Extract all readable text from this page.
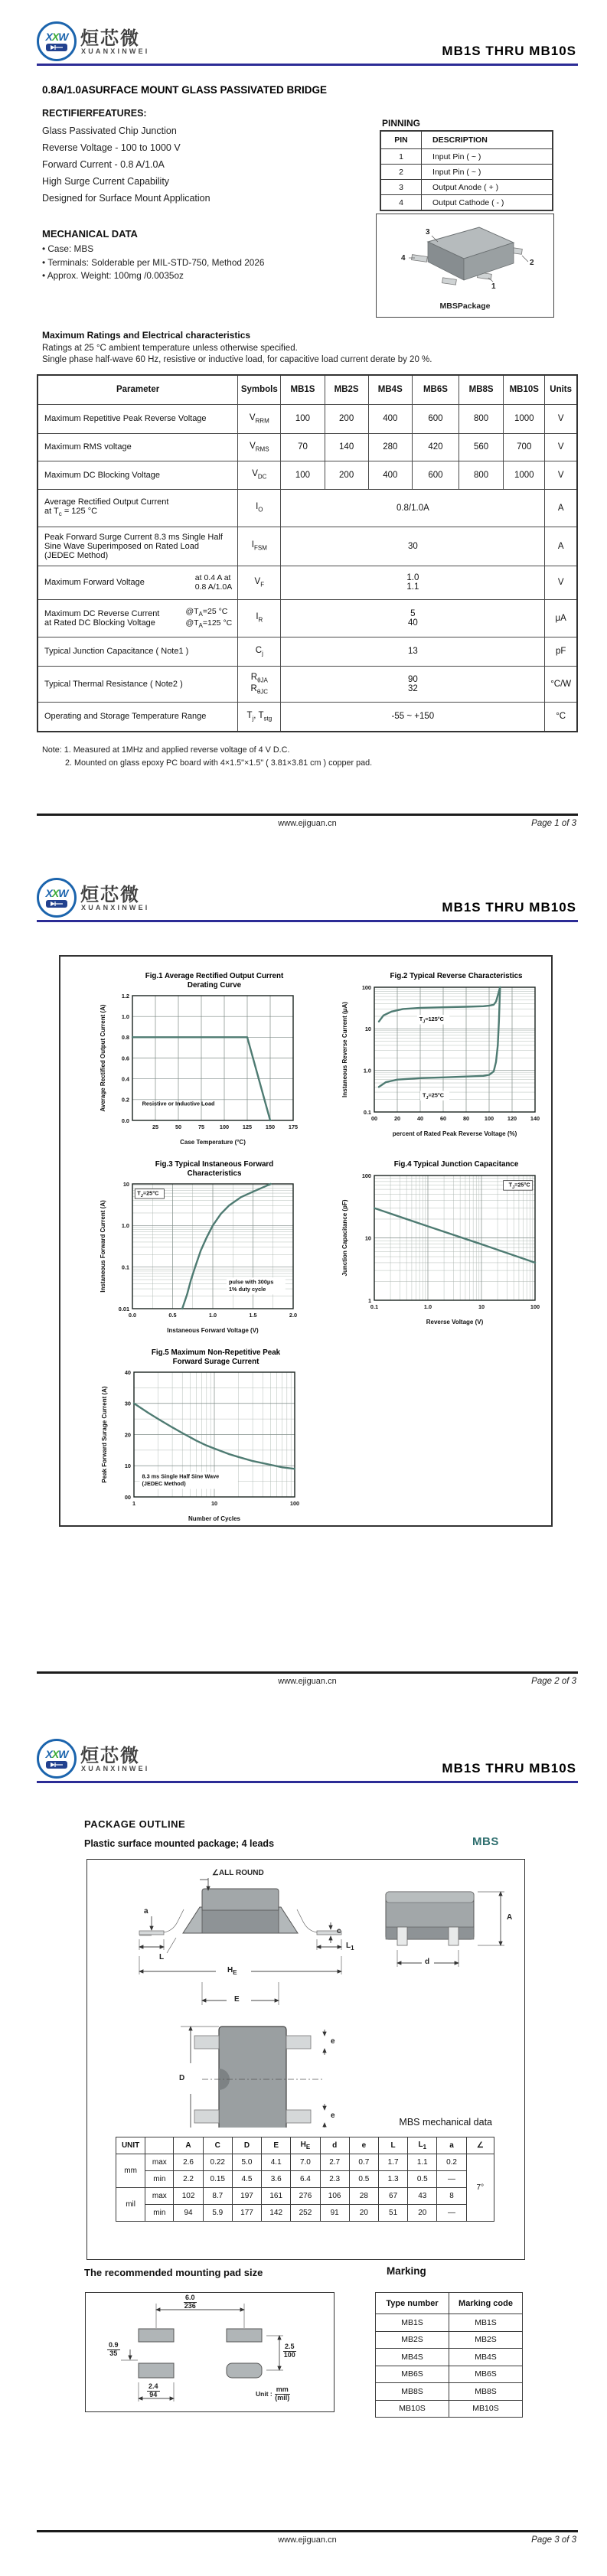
XXW 烜芯微
XUANXINWEI	MB1S THRU MB10S
0.8A/1.0ASURFACE MOUNT GLASS PASSIVATED BRIDGE
RECTIFIERFEATURES:
Glass Passivated Chip Junction
Reverse Voltage - 100 to 1000 V
Forward Current - 0.8 A/1.0A
High Surge Current Capability
Designed for Surface Mount Application
PINNING
PIN	DESCRIPTION
1	Input Pin ( ~ )
2	Input Pin ( ~ )
3	Output Anode ( + )
4	Output Cathode ( - )
MECHANICAL DATA
• Case: MBS
• Terminals: Solderable per MIL-STD-750, Method 2026
• Approx. Weight: 100mg /0.0035oz
3
4
2
1
MBSPackage
Maximum Ratings and Electrical characteristics
Ratings at 25 °C ambient temperature unless otherwise specified.
Single phase half-wave 60 Hz, resistive or inductive load, for capacitive load current derate by 20 %.
Parameter	Symbols	MB1S	MB2S	MB4S	MB6S	MB8S	MB10S	Units
Maximum Repetitive Peak Reverse Voltage	$V_{RRM}$	100	200	400	600	800	1000	V
Maximum RMS voltage	$V_{RMS}$	70	140	280	420	560	700	V
Maximum DC Blocking Voltage	$V_{DC}$	100	200	400	600	800	1000	V
Average Rectified Output Current
at $T_c = 125$ °C	$I_O$	0.8/1.0A						A
Peak Forward Surge Current 8.3 ms Single Half
Sine Wave Superimposed on Rated Load
(JEDEC Method)	$I_{FSM}$	30						A

Maximum Forward Voltage at 0.4 A at
0.8 A/1.0A	$V_F$	1.0
1.1						V

Maximum DC Reverse Current
at Rated DC Blocking Voltage
$@T_A=25$ °C
$@T_A=125$ °C	$I_R$	5
40						μA
Typical Junction Capacitance ( Note1 )	$C_j$	13						pF
Typical Thermal Resistance ( Note2 )	$R_{\theta JA}$
$R_{\theta JC}$	90
32						°C/W
Operating and Storage Temperature Range	$T_j$, $T_{stg}$	-55 ~ +150						°C
Note: 1. Measured at 1MHz and applied reverse voltage of 4 V D.C.
2. Mounted on glass epoxy PC board with 4×1.5"×1.5" ( 3.81×3.81 cm ) copper pad.
www.ejiguan.cn	Page 1 of 3
XXW 烜芯微
XUANXINWEI	MB1S THRU MB10S
Fig.1 Average Rectified Output Current
Derating Curve
25	50	75	100 125 150 175
0.0
0.2
0.4
0.6
0.8
1.0
1.2
Resistive or Inductive Load
Case Temperature (°C)
Average Rectified Output Current (A)
Fig.2 Typical Reverse Characteristics
00	20	40	60	80	100 120 140
0.1
1.0
10
100
$T_J=125^\circ C$
$T_J=25^\circ C$
percent of Rated Peak Reverse Voltage (%)
Instaneous Reverse Current (μA)
Fig.3 Typical Instaneous Forward
Characteristics
0.0	0.5	1.0	1.5	2.0
0.01
0.1
1.0
10
$T_J=25^\circ C$
pulse with 300μs
1% duty cycle
Instaneous Forward Voltage (V)
Instaneous Forward Current (A)
Fig.4 Typical Junction Capacitance
0.1	1.0	10	100
1
10
100
$T_J=25^\circ C$
Reverse Voltage (V)
Junction Capacitance (pF)
Fig.5 Maximum Non-Repetitive Peak
Forward Surage Current
1	10	100
00
10
20
30
40
8.3 ms Single Half Sine Wave
(JEDEC Method)
Number of Cycles
Peak Forward Surage Current (A)
www.ejiguan.cn	Page 2 of 3
XXW 烜芯微
XUANXINWEI	MB1S THRU MB10S
PACKAGE OUTLINE
Plastic surface mounted package; 4 leads	MBS
∠ALL ROUND
a
L
$H_E$
c
$L_1$
E
A
d
D
e
e
MBS mechanical data
UNIT		A	C	D	E	$H_E$	d	e	L	$L_1$	a	∠
mm	max	2.6	0.22	5.0	4.1	7.0	2.7	0.7	1.7	1.1	0.2	7°
	min	2.2	0.15	4.5	3.6	6.4	2.3	0.5	1.3	0.5	—	
mil	max	102	8.7	197	161	276	106	28	67	43	8	
	min	94	5.9	177	142	252	91	20	51	20	—	
The recommended mounting pad size	Marking
$\frac{6.0}{236}$
$\frac{2.5}{100}$
$\frac{0.9}{35}$
$\frac{2.4}{94}$	Unit : $\frac{mm}{\text{(mil)}}$
Type number	Marking code
MB1S	MB1S
MB2S	MB2S
MB4S	MB4S
MB6S	MB6S
MB8S	MB8S
MB10S	MB10S
www.ejiguan.cn	Page 3 of 3
